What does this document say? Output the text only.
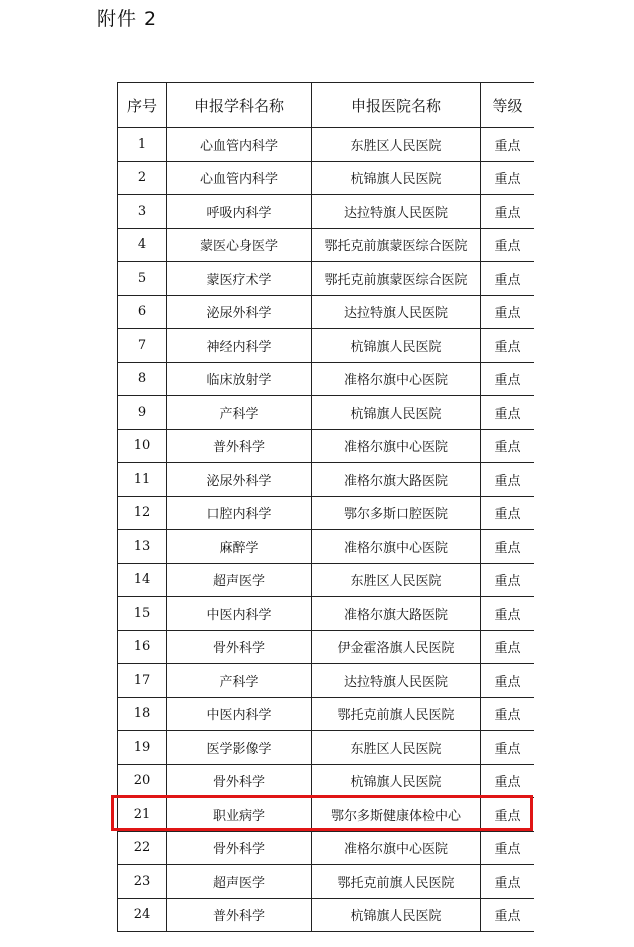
附件 2
序号	申报学科名称	申报医院名称	等级
1	心血管内科学	东胜区人民医院	重点
2	心血管内科学	杭锦旗人民医院	重点
3	呼吸内科学	达拉特旗人民医院	重点
4	蒙医心身医学	鄂托克前旗蒙医综合医院	重点
5	蒙医疗术学	鄂托克前旗蒙医综合医院	重点
6	泌尿外科学	达拉特旗人民医院	重点
7	神经内科学	杭锦旗人民医院	重点
8	临床放射学	准格尔旗中心医院	重点
9	产科学	杭锦旗人民医院	重点
10	普外科学	准格尔旗中心医院	重点
11	泌尿外科学	准格尔旗大路医院	重点
12	口腔内科学	鄂尔多斯口腔医院	重点
13	麻醉学	准格尔旗中心医院	重点
14	超声医学	东胜区人民医院	重点
15	中医内科学	准格尔旗大路医院	重点
16	骨外科学	伊金霍洛旗人民医院	重点
17	产科学	达拉特旗人民医院	重点
18	中医内科学	鄂托克前旗人民医院	重点
19	医学影像学	东胜区人民医院	重点
20	骨外科学	杭锦旗人民医院	重点
21	职业病学	鄂尔多斯健康体检中心	重点
22	骨外科学	准格尔旗中心医院	重点
23	超声医学	鄂托克前旗人民医院	重点
24	普外科学	杭锦旗人民医院	重点
